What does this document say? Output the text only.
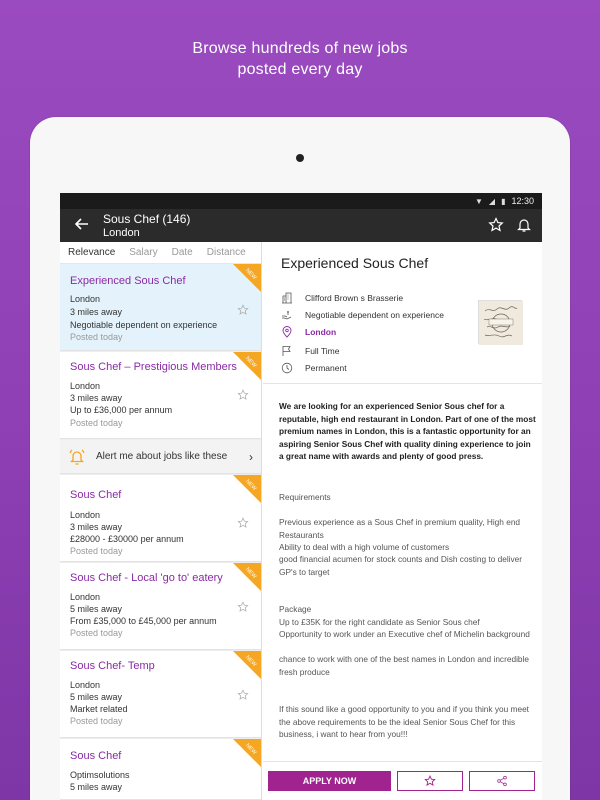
Browse hundreds of new jobs
posted every day
▼ ◢ ▮ 12:30
Sous Chef (146)
London
Relevance Salary Date Distance
NEW
Experienced Sous Chef
London
3 miles away
Negotiable dependent on experience
Posted today
NEW
Sous Chef – Prestigious Members
London
3 miles away
Up to £36,000 per annum
Posted today
Alert me about jobs like these ›
NEW
Sous Chef
London
3 miles away
£28000 - £30000 per annum
Posted today
NEW
Sous Chef - Local 'go to' eatery
London
5 miles away
From £35,000 to £45,000 per annum
Posted today
NEW
Sous Chef- Temp
London
5 miles away
Market related
Posted today
NEW
Sous Chef
Optimsolutions
5 miles away
Experienced Sous Chef
Clifford Brown s Brasserie
Negotiable dependent on experience
London
Full Time
Permanent
We are looking for an experienced Senior Sous chef for a reputable, high end restaurant in London. Part of one of the most premium names in London, this is a fantastic opportunity for an aspiring Senior Sous Chef with quality dining experience to join a great name with awards and plenty of good press.
Requirements
Previous experience as a Sous Chef in premium quality, High end Restaurants
Ability to deal with a high volume of customers
good financial acumen for stock counts and Dish costing to deliver GP's to target
Package
Up to £35K for the right candidate as Senior Sous chef
Opportunity to work under an Executive chef of Michelin background
chance to work with one of the best names in London and incredible fresh produce
If this sound like a good opportunity to you and if you think you meet the above requirements to be the ideal Senior Sous Chef for this business, i want to hear from you!!!
APPLY NOW
